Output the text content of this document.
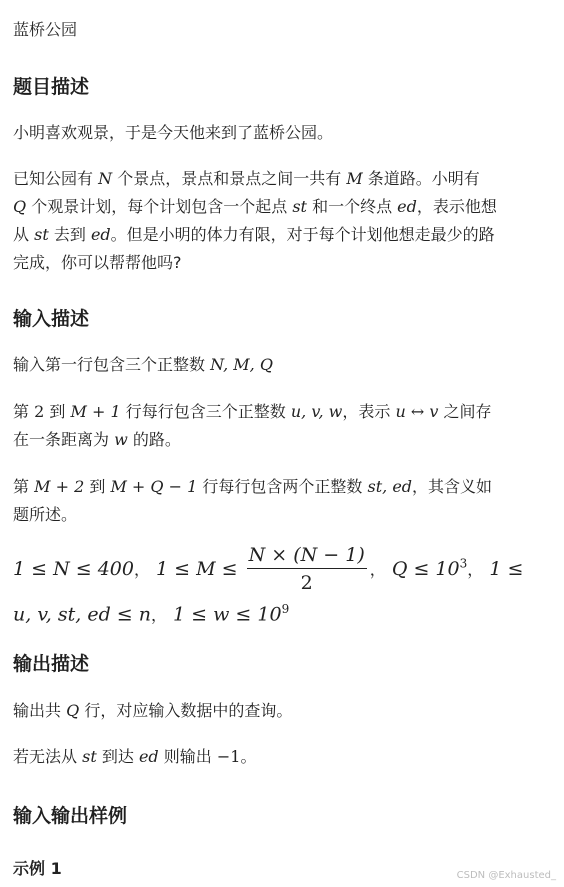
蓝桥公园
题目描述

小明喜欢观景，于是今天他来到了蓝桥公园。

已知公园有 N 个景点，景点和景点之间一共有 M 条道路。小明有
Q 个观景计划，每个计划包含一个起点 st 和一个终点 ed，表示他想
从 st 去到 ed。但是小明的体力有限，对于每个计划他想走最少的路
完成，你可以帮帮他吗?

输入描述

输入第一行包含三个正整数 N, M, Q

第 2 到 M + 1 行每行包含三个正整数 u, v, w，表示 u ↔ v 之间存
在一条距离为 w 的路。

第 M + 2 到 M + Q − 1 行每行包含两个正整数 st, ed，其含义如
题所述。

1 ≤ N ≤ 400， $1 \le M \le \frac{N \times (N - 1)}{2}$ ， $Q \le 10^3$， 1 ≤
u, v, st, ed ≤ n， $1 \le w \le 10^9$
输出描述

输出共 Q 行，对应输入数据中的查询。

若无法从 st 到达 ed 则输出 −1。

输入输出样例
示例 1	CSDN @Exhausted_
